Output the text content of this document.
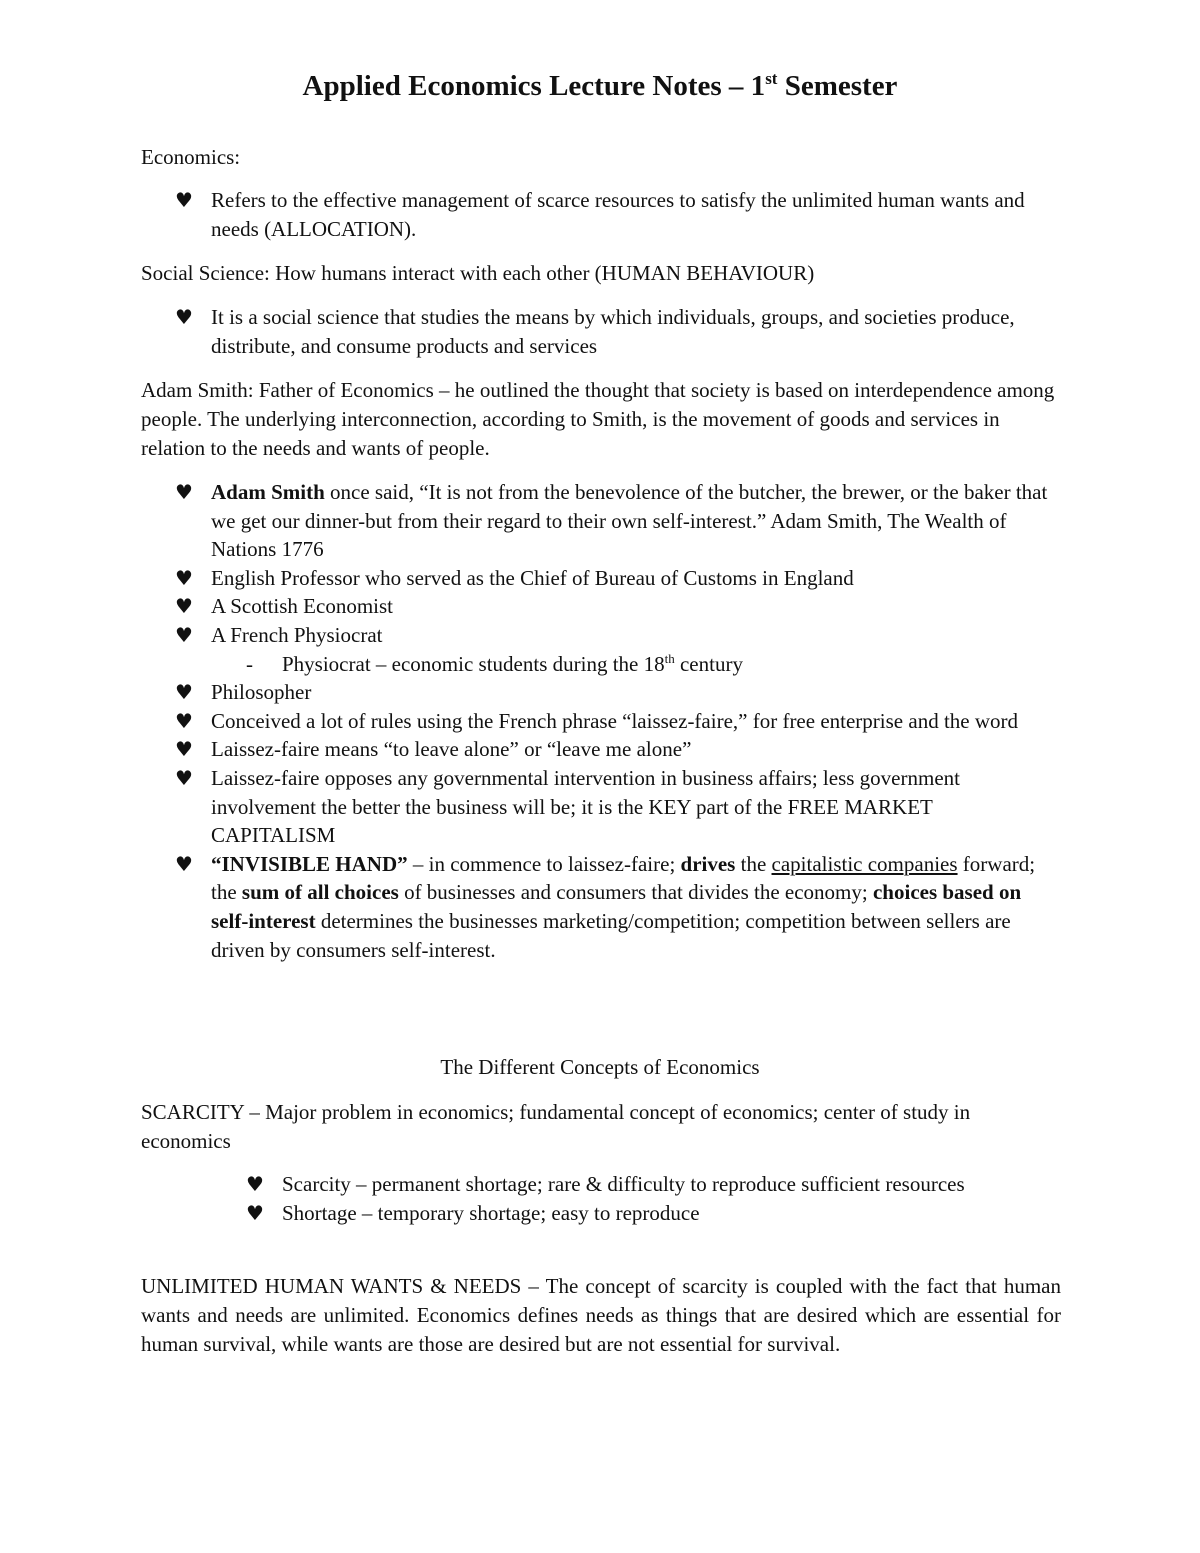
Applied Economics Lecture Notes – 1st Semester
Economics:
♥ Refers to the effective management of scarce resources to satisfy the unlimited human wants and needs (ALLOCATION).
Social Science: How humans interact with each other (HUMAN BEHAVIOUR)
♥ It is a social science that studies the means by which individuals, groups, and societies produce, distribute, and consume products and services
Adam Smith: Father of Economics – he outlined the thought that society is based on interdependence among people. The underlying interconnection, according to Smith, is the movement of goods and services in relation to the needs and wants of people.
♥ Adam Smith once said, “It is not from the benevolence of the butcher, the brewer, or the baker that we get our dinner-but from their regard to their own self-interest.” Adam Smith, The Wealth of Nations 1776
♥ English Professor who served as the Chief of Bureau of Customs in England
♥ A Scottish Economist
♥ A French Physiocrat
- Physiocrat – economic students during the 18th century
♥ Philosopher
♥ Conceived a lot of rules using the French phrase “laissez-faire,” for free enterprise and the word
♥ Laissez-faire means “to leave alone” or “leave me alone”
♥ Laissez-faire opposes any governmental intervention in business affairs; less government involvement the better the business will be; it is the KEY part of the FREE MARKET CAPITALISM
♥ “INVISIBLE HAND” – in commence to laissez-faire; drives the capitalistic companies forward; the sum of all choices of businesses and consumers that divides the economy; choices based on self-interest determines the businesses marketing/competition; competition between sellers are driven by consumers self-interest.
The Different Concepts of Economics
SCARCITY – Major problem in economics; fundamental concept of economics; center of study in economics
♥ Scarcity – permanent shortage; rare & difficulty to reproduce sufficient resources
♥ Shortage – temporary shortage; easy to reproduce
UNLIMITED HUMAN WANTS & NEEDS – The concept of scarcity is coupled with the fact that human wants and needs are unlimited. Economics defines needs as things that are desired which are essential for human survival, while wants are those are desired but are not essential for survival.
